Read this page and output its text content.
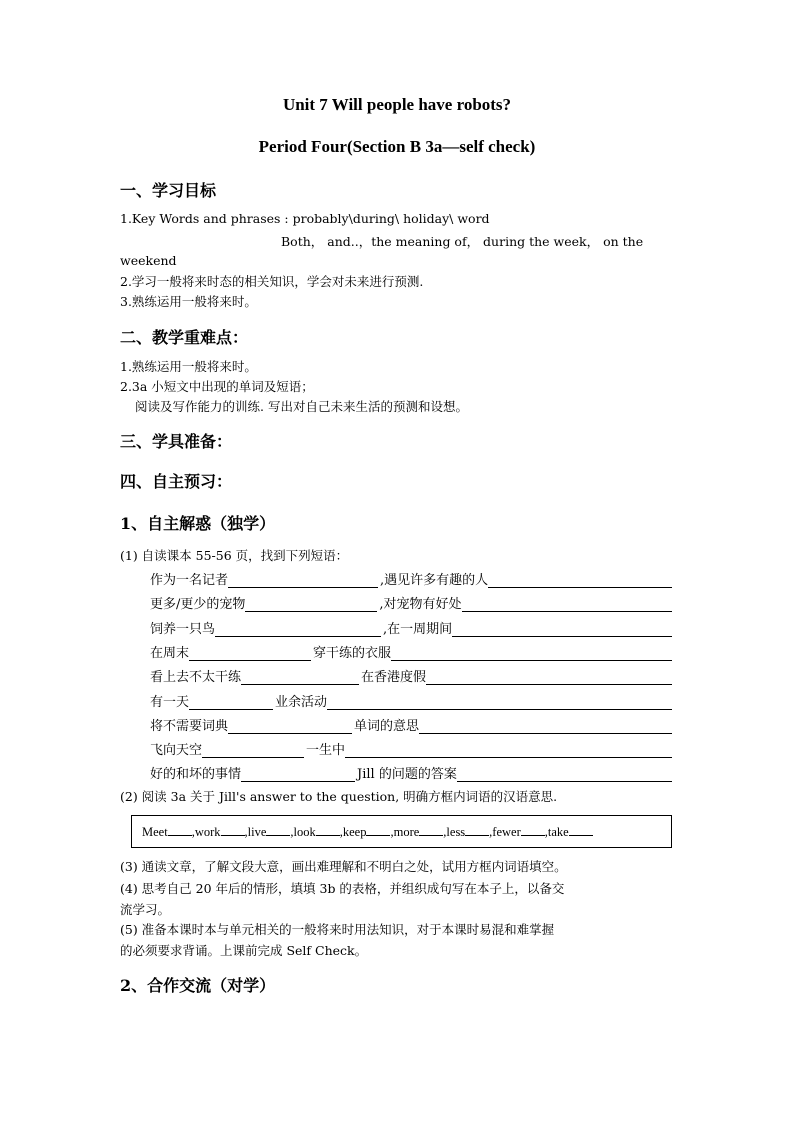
Unit 7 Will people have robots?
Period Four(Section B 3a—self check)
一、学习目标
1.Key Words and phrases : probably\during\ holiday\ word
Both， and..，the meaning of， during the week， on the
weekend
2.学习一般将来时态的相关知识，学会对未来进行预测.
3.熟练运用一般将来时。
二、教学重难点：
1.熟练运用一般将来时。
2.3a 小短文中出现的单词及短语；
阅读及写作能力的训练. 写出对自己未来生活的预测和设想。
三、学具准备：
四、自主预习：
1、自主解惑（独学）
(1) 自读课本 55-56 页，找到下列短语：
作为一名记者	,遇见许多有趣的人
更多/更少的宠物	,对宠物有好处
饲养一只鸟	,在一周期间
在周末	穿干练的衣服
看上去不太干练	在香港度假
有一天	业余活动
将不需要词典	单词的意思
飞向天空	一生中
好的和坏的事情	Jill 的问题的答案
(2) 阅读 3a 关于 Jill's answer to the question, 明确方框内词语的汉语意思.
Meet ,work ,live ,look ,keep ,more ,less ,fewer ,take
(3) 通读文章，了解文段大意，画出难理解和不明白之处，试用方框内词语填空。
(4) 思考自己 20 年后的情形，填填 3b 的表格，并组织成句写在本子上，以备交
流学习。
(5) 准备本课时本与单元相关的一般将来时用法知识，对于本课时易混和难掌握
的必须要求背诵。上课前完成 Self Check。
2、合作交流（对学）
